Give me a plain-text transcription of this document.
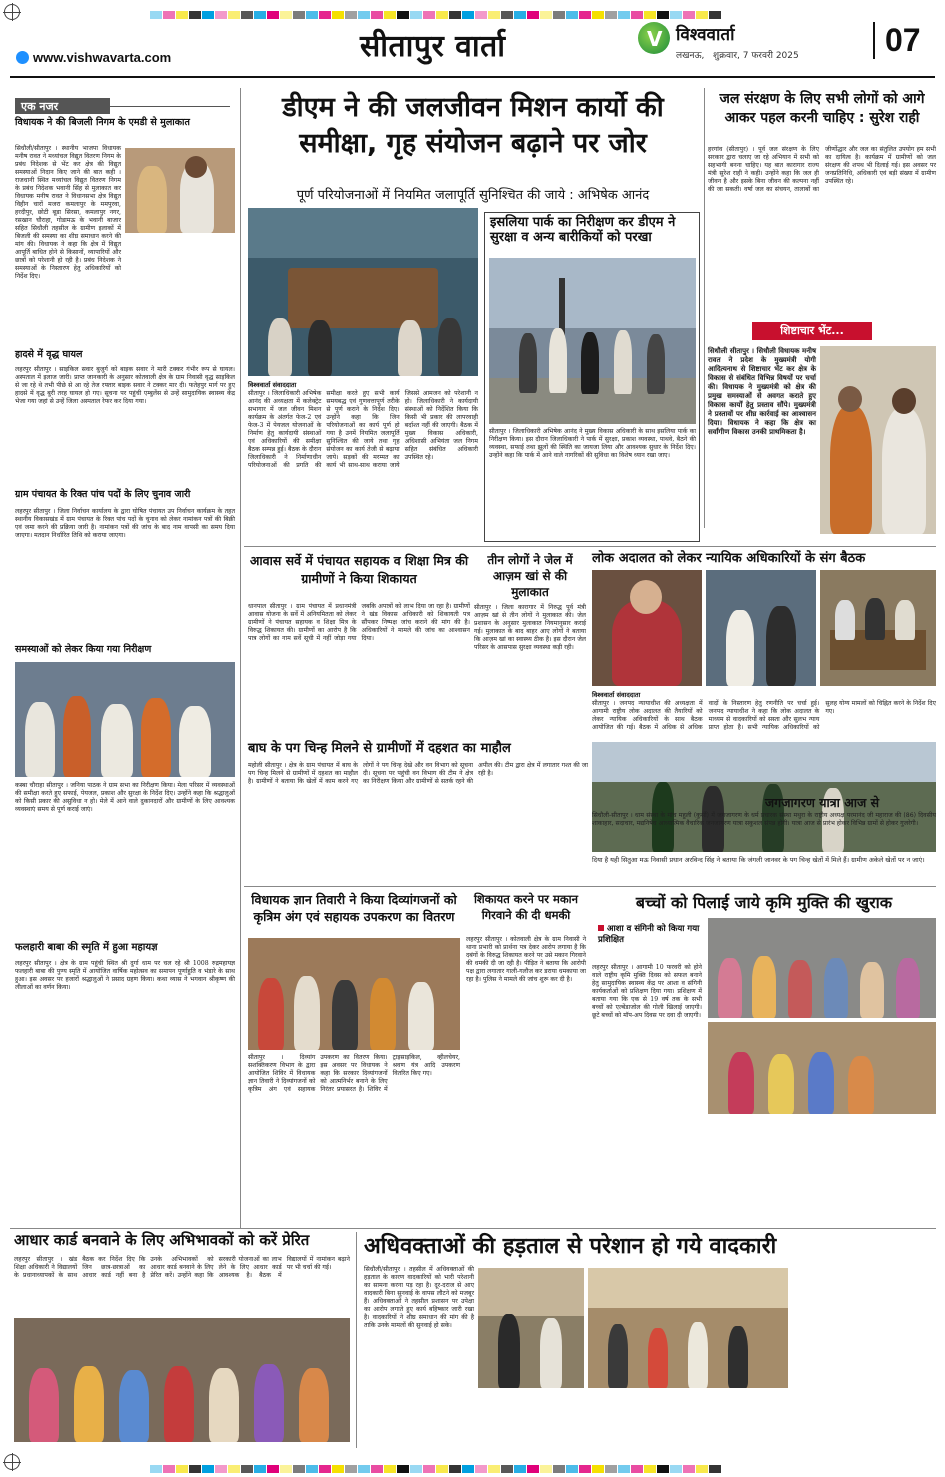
www.vishwavarta.com	सीतापुर वार्ता	V विश्ववार्ता
लखनऊ,   शुक्रवार, 7 फरवरी 2025	07
एक नजर
विधायक ने की बिजली निगम के एमडी से मुलाकात
सिधौली/सीतापुर । स्थानीय भाजपा विधायक मनीष रावत ने मध्यांचल विद्युत वितरण निगम के प्रबंध निदेशक से भेंट कर क्षेत्र की विद्युत समस्याओं निदान किए जाने की बात कही । राजधानी स्थित मध्यांचल विद्युत वितरण निगम के प्रबंध निदेशक भवानी सिंह से मुलाकात कर विधायक मनीष रावत ने विधानसभा क्षेत्र विद्युत विहीन चारों मजरा कमलापुर के ममपुरवा, हरदीपुर, छोटी बूडा सिरसा, कमलापुर नगर, रसखान चौराहा, गोडामऊ के भवानी बाजार सहित सिधौली तहसील के ग्रामीण इलाकों में बिजली की समस्या का शीघ्र समाधान करने की मांग की। विधायक ने कहा कि क्षेत्र में विद्युत आपूर्ति बाधित होने से किसानों, व्यापारियों और छात्रों को परेशानी हो रही है। प्रबंध निदेशक ने समस्याओं के निस्तारण हेतु अधिकारियों को निर्देश दिए।
हादसे में वृद्ध घायल
लहरपुर सीतापुर । साइकिल सवार बुजुर्ग को बाइक सवार ने मारी टक्कर गंभीर रूप से घायल। अस्पताल में इलाज जारी। प्राप्त जानकारी के अनुसार कोतवाली क्षेत्र के ग्राम निवासी वृद्ध साइकिल से जा रहे थे तभी पीछे से आ रहे तेज रफ्तार बाइक सवार ने टक्कर मार दी। फतेहपुर मार्ग पर हुए हादसे में वृद्ध बुरी तरह घायल हो गए। सूचना पर पहुंची एम्बुलेंस से उन्हें सामुदायिक स्वास्थ्य केंद्र भेजा गया जहां से उन्हें जिला अस्पताल रेफर कर दिया गया।
ग्राम पंचायत के रिक्त पांच पदों के लिए चुनाव जारी
लहरपुर सीतापुर । जिला निर्वाचन कार्यालय के द्वारा घोषित पंचायत उप निर्वाचन कार्यक्रम के तहत स्थानीय विकासखंड में ग्राम पंचायत के रिक्त पांच पदों के चुनाव को लेकर नामांकन पत्रों की बिक्री एवं जमा करने की प्रक्रिया जारी है। नामांकन पत्रों की जांच के बाद नाम वापसी का समय दिया जाएगा। मतदान निर्धारित तिथि को कराया जाएगा।
समस्याओं को लेकर किया गया निरीक्षण
कस्बा चौराहा सीतापुर । जनिया पाठक ने ग्राम सभा का निरीक्षण किया। मेला परिसर में व्यवस्थाओं की समीक्षा करते हुए सफाई, पेयजल, प्रकाश और सुरक्षा के निर्देश दिए। उन्होंने कहा कि श्रद्धालुओं को किसी प्रकार की असुविधा न हो। मेले में आने वाले दुकानदारों और ग्रामीणों के लिए आवश्यक व्यवस्थाएं समय से पूर्ण कराई जाएं।
फलहारी बाबा की स्मृति में हुआ महायज्ञ
लहरपुर सीतापुर । क्षेत्र के ग्राम पहुंची स्थित श्री दुर्गा धाम पर चल रहे श्री 1008 रुद्रमहायज्ञ फलहारी बाबा की पुण्य स्मृति में आयोजित वार्षिक महोत्सव का समापन पूर्णाहुति व भंडारे के साथ हुआ। इस अवसर पर हजारों श्रद्धालुओं ने प्रसाद ग्रहण किया। कथा व्यास ने भगवान श्रीकृष्ण की लीलाओं का वर्णन किया।
डीएम ने की जलजीवन मिशन कार्यो की समीक्षा, गृह संयोजन बढ़ाने पर जोर
पूर्ण परियोजनाओं में नियमित जलापूर्ति सुनिश्चित की जाये : अभिषेक आनंद
विश्ववार्ता संवाददाता
सीतापुर । जिलाधिकारी अभिषेक आनंद की अध्यक्षता में कलेक्ट्रेट सभागार में जल जीवन मिशन कार्यक्रम के अंतर्गत फेज-2 एवं फेज-3 में पेयजल योजनाओं के निर्माण हेतु कार्यदायी संस्थाओं एवं अधिकारियों की समीक्षा बैठक सम्पन्न हुई। बैठक के दौरान जिलाधिकारी ने निर्माणाधीन परियोजनाओं की प्रगति की समीक्षा करते हुए सभी कार्य समयबद्ध एवं गुणवत्तापूर्ण तरीके से पूर्ण कराने के निर्देश दिए। उन्होंने कहा कि जिन परियोजनाओं का कार्य पूर्ण हो गया है उनमें नियमित जलापूर्ति सुनिश्चित की जाये तथा गृह संयोजन का कार्य तेजी से बढ़ाया जाये। सड़कों की मरम्मत का कार्य भी साथ-साथ कराया जाये जिससे आमजन को परेशानी न हो। जिलाधिकारी ने कार्यदायी संस्थाओं को निर्देशित किया कि किसी भी प्रकार की लापरवाही बर्दाश्त नहीं की जाएगी। बैठक में मुख्य विकास अधिकारी, अधिशासी अभियंता जल निगम सहित संबंधित अधिकारी उपस्थित रहे।
इसलिया पार्क का निरीक्षण कर डीएम ने सुरक्षा व अन्य बारीकियों को परखा
सीतापुर । जिलाधिकारी अभिषेक आनंद ने मुख्य विकास अधिकारी के साथ इसलिया पार्क का निरीक्षण किया। इस दौरान जिलाधिकारी ने पार्क में सुरक्षा, प्रकाश व्यवस्था, पाथवे, बैठने की व्यवस्था, सफाई तथा झूलों की स्थिति का जायजा लिया और आवश्यक सुधार के निर्देश दिए। उन्होंने कहा कि पार्क में आने वाले नागरिकों की सुविधा का विशेष ध्यान रखा जाए।
जल संरक्षण के लिए सभी लोगों को आगे आकर पहल करनी चाहिए : सुरेश राही
हरगांव (सीतापुर) । पूर्व जल संरक्षण के लिए सरकार द्वारा चलाए जा रहे अभियान में सभी को सहभागी बनना चाहिए। यह बात कारागार राज्य मंत्री सुरेश राही ने कही। उन्होंने कहा कि जल ही जीवन है और इसके बिना जीवन की कल्पना नहीं की जा सकती। वर्षा जल का संचयन, तालाबों का जीर्णोद्धार और जल का संतुलित उपयोग हम सभी का दायित्व है। कार्यक्रम में ग्रामीणों को जल संरक्षण की शपथ भी दिलाई गई। इस अवसर पर जनप्रतिनिधि, अधिकारी एवं बड़ी संख्या में ग्रामीण उपस्थित रहे।
शिष्टाचार भेंट...
सिधौली सीतापुर । सिधौली विधायक मनीष रावत ने प्रदेश के मुख्यमंत्री योगी आदित्यनाथ से शिष्टाचार भेंट कर क्षेत्र के विकास से संबंधित विभिन्न विषयों पर चर्चा की। विधायक ने मुख्यमंत्री को क्षेत्र की प्रमुख समस्याओं से अवगत कराते हुए विकास कार्यों हेतु प्रस्ताव सौंपे। मुख्यमंत्री ने प्रस्तावों पर शीघ्र कार्रवाई का आश्वासन दिया। विधायक ने कहा कि क्षेत्र का सर्वांगीण विकास उनकी प्राथमिकता है।
आवास सर्वे में पंचायत सहायक व शिक्षा मित्र की ग्रामीणों ने किया शिकायत
धानपाल सीतापुर । ग्राम पंचायत में प्रधानमंत्री आवास योजना के सर्वे में अनियमितता को लेकर ग्रामीणों ने पंचायत सहायक व शिक्षा मित्र के विरुद्ध शिकायत की। ग्रामीणों का आरोप है कि पात्र लोगों का नाम सर्वे सूची में नहीं जोड़ा गया जबकि अपात्रों को लाभ दिया जा रहा है। ग्रामीणों ने खंड विकास अधिकारी को शिकायती पत्र सौंपकर निष्पक्ष जांच कराने की मांग की है। अधिकारियों ने मामले की जांच का आश्वासन दिया।
तीन लोगों ने जेल में आज़म खां से की मुलाकात
सीतापुर । जिला कारागार में निरुद्ध पूर्व मंत्री आज़म खां से तीन लोगों ने मुलाकात की। जेल प्रशासन के अनुसार मुलाकात नियमानुसार कराई गई। मुलाकात के बाद बाहर आए लोगों ने बताया कि आज़म खां का स्वास्थ्य ठीक है। इस दौरान जेल परिसर के आसपास सुरक्षा व्यवस्था कड़ी रही।
लोक अदालत को लेकर न्यायिक अधिकारियों के संग बैठक
विश्ववार्ता संवाददाता
सीतापुर । जनपद न्यायाधीश की अध्यक्षता में आगामी राष्ट्रीय लोक अदालत की तैयारियों को लेकर न्यायिक अधिकारियों के साथ बैठक आयोजित की गई। बैठक में अधिक से अधिक वादों के निस्तारण हेतु रणनीति पर चर्चा हुई। जनपद न्यायाधीश ने कहा कि लोक अदालत के माध्यम से वादकारियों को सस्ता और सुलभ न्याय प्राप्त होता है। सभी न्यायिक अधिकारियों को सुलह योग्य मामलों को चिह्नित करने के निर्देश दिए गए।
बाघ के पग चिन्ह मिलने से ग्रामीणों में दहशत का माहौल
महोली सीतापुर । क्षेत्र के ग्राम पंचायत में बाघ के पग चिन्ह मिलने से ग्रामीणों में दहशत का माहौल है। ग्रामीणों ने बताया कि खेतों में काम करने गए लोगों ने पग चिन्ह देखे और वन विभाग को सूचना दी। सूचना पर पहुंची वन विभाग की टीम ने क्षेत्र का निरीक्षण किया और ग्रामीणों से सतर्क रहने की अपील की। टीम द्वारा क्षेत्र में लगातार गश्त की जा रही है।
दिया है यही सितुआ मऊ निवासी प्रधान अरविन्द सिंह ने बताया कि जंगली जानवर के पग चिन्ह खेतों में मिले हैं। ग्रामीण अकेले खेतों पर न जाएं।
जगजागरण यात्रा आज से
सिधौली-सीतापुर । धाम संस्था के मांच महुली (कुर्सी) में जगजागरण के धर्म प्रचारक संस्था मथुरा के राष्ट्रीय अध्यक्ष परमानंद जी महाराज की (86) दिवसीय शाकाहार, सदाचार, मद्यनिषेध आध्यात्मिक वैचारिक जनजागरण यात्रा सकुशल संपन्न होगी। यात्रा आज से प्रारंभ होकर विभिन्न ग्रामों से होकर गुजरेगी।
विधायक ज्ञान तिवारी ने किया दिव्यांगजनों को कृत्रिम अंग एवं सहायक उपकरण का वितरण
सीतापुर । दिव्यांग सशक्तिकरण विभाग के द्वारा आयोजित शिविर में विधायक ज्ञान तिवारी ने दिव्यांगजनों को कृत्रिम अंग एवं सहायक उपकरण का वितरण किया। इस अवसर पर विधायक ने कहा कि सरकार दिव्यांगजनों को आत्मनिर्भर बनाने के लिए निरंतर प्रयासरत है। शिविर में ट्राइसाइकिल, व्हीलचेयर, श्रवण यंत्र आदि उपकरण वितरित किए गए।
शिकायत करने पर मकान गिरवाने की दी धमकी
लहरपुर सीतापुर । कोतवाली क्षेत्र के ग्राम निवासी ने थाना प्रभारी को प्रार्थना पत्र देकर आरोप लगाया है कि दबंगों के विरुद्ध शिकायत करने पर उसे मकान गिरवाने की धमकी दी जा रही है। पीड़ित ने बताया कि आरोपी पक्ष द्वारा लगातार गाली-गलौज कर डराया धमकाया जा रहा है। पुलिस ने मामले की जांच शुरू कर दी है।
बच्चों को पिलाई जाये कृमि मुक्ति की खुराक
आशा व संगिनी को किया गया प्रशिक्षित
लहरपुर सीतापुर । आगामी 10 फरवरी को होने वाले राष्ट्रीय कृमि मुक्ति दिवस को सफल बनाने हेतु सामुदायिक स्वास्थ्य केंद्र पर आशा व संगिनी कार्यकर्ताओं को प्रशिक्षण दिया गया। प्रशिक्षण में बताया गया कि एक से 19 वर्ष तक के सभी बच्चों को एल्बेंडाजोल की गोली खिलाई जाएगी। छूटे बच्चों को मॉप-अप दिवस पर दवा दी जाएगी।
आधार कार्ड बनवाने के लिए अभिभावकों को करें प्रेरित
लहरपुर सीतापुर । खंड शिक्षा अधिकारी ने विद्यालयों के प्रधानाध्यापकों के साथ बैठक कर निर्देश दिए कि जिन छात्र-छात्राओं का आधार कार्ड नहीं बना है उनके अभिभावकों को आधार कार्ड बनवाने के लिए प्रेरित करें। उन्होंने कहा कि सरकारी योजनाओं का लाभ लेने के लिए आधार कार्ड आवश्यक है। बैठक में विद्यालयों में नामांकन बढ़ाने पर भी चर्चा की गई।
अधिवक्ताओं की हड़ताल से परेशान हो गये वादकारी
सिधौली/सीतापुर । तहसील में अधिवक्ताओं की हड़ताल के कारण वादकारियों को भारी परेशानी का सामना करना पड़ रहा है। दूर-दराज से आए वादकारी बिना सुनवाई के वापस लौटने को मजबूर हैं। अधिवक्ताओं ने तहसील प्रशासन पर उपेक्षा का आरोप लगाते हुए कार्य बहिष्कार जारी रखा है। वादकारियों ने शीघ्र समाधान की मांग की है ताकि उनके मामलों की सुनवाई हो सके।
